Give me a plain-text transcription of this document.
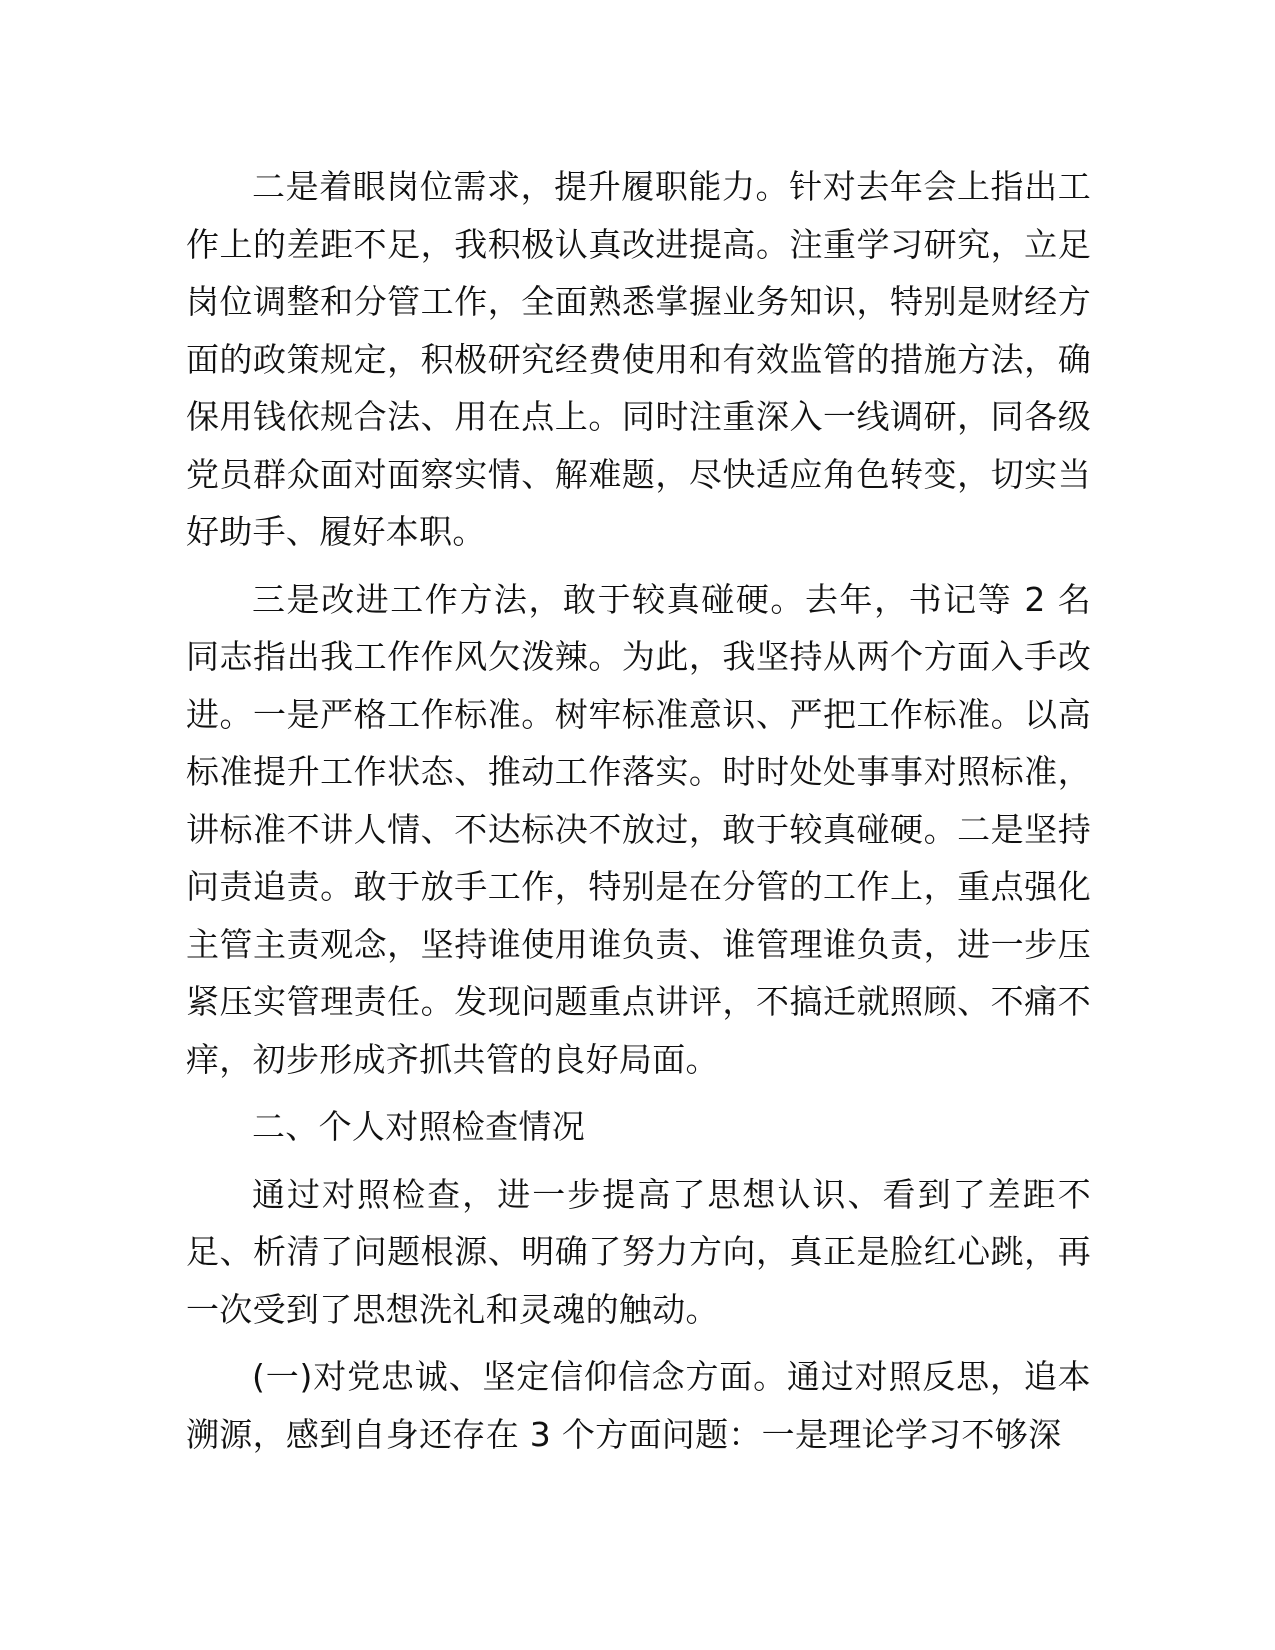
二是着眼岗位需求，提升履职能力。针对去年会上指出工作上的差距不足，我积极认真改进提高。注重学习研究，立足岗位调整和分管工作，全面熟悉掌握业务知识，特别是财经方面的政策规定，积极研究经费使用和有效监管的措施方法，确保用钱依规合法、用在点上。同时注重深入一线调研，同各级党员群众面对面察实情、解难题，尽快适应角色转变，切实当好助手、履好本职。

三是改进工作方法，敢于较真碰硬。去年，书记等 2 名同志指出我工作作风欠泼辣。为此，我坚持从两个方面入手改进。一是严格工作标准。树牢标准意识、严把工作标准。以高标准提升工作状态、推动工作落实。时时处处事事对照标准，讲标准不讲人情、不达标决不放过，敢于较真碰硬。二是坚持问责追责。敢于放手工作，特别是在分管的工作上，重点强化主管主责观念，坚持谁使用谁负责、谁管理谁负责，进一步压紧压实管理责任。发现问题重点讲评，不搞迁就照顾、不痛不痒，初步形成齐抓共管的良好局面。

二、个人对照检查情况

通过对照检查，进一步提高了思想认识、看到了差距不足、析清了问题根源、明确了努力方向，真正是脸红心跳，再一次受到了思想洗礼和灵魂的触动。

(一)对党忠诚、坚定信仰信念方面。通过对照反思，追本溯源，感到自身还存在 3 个方面问题：一是理论学习不够深
